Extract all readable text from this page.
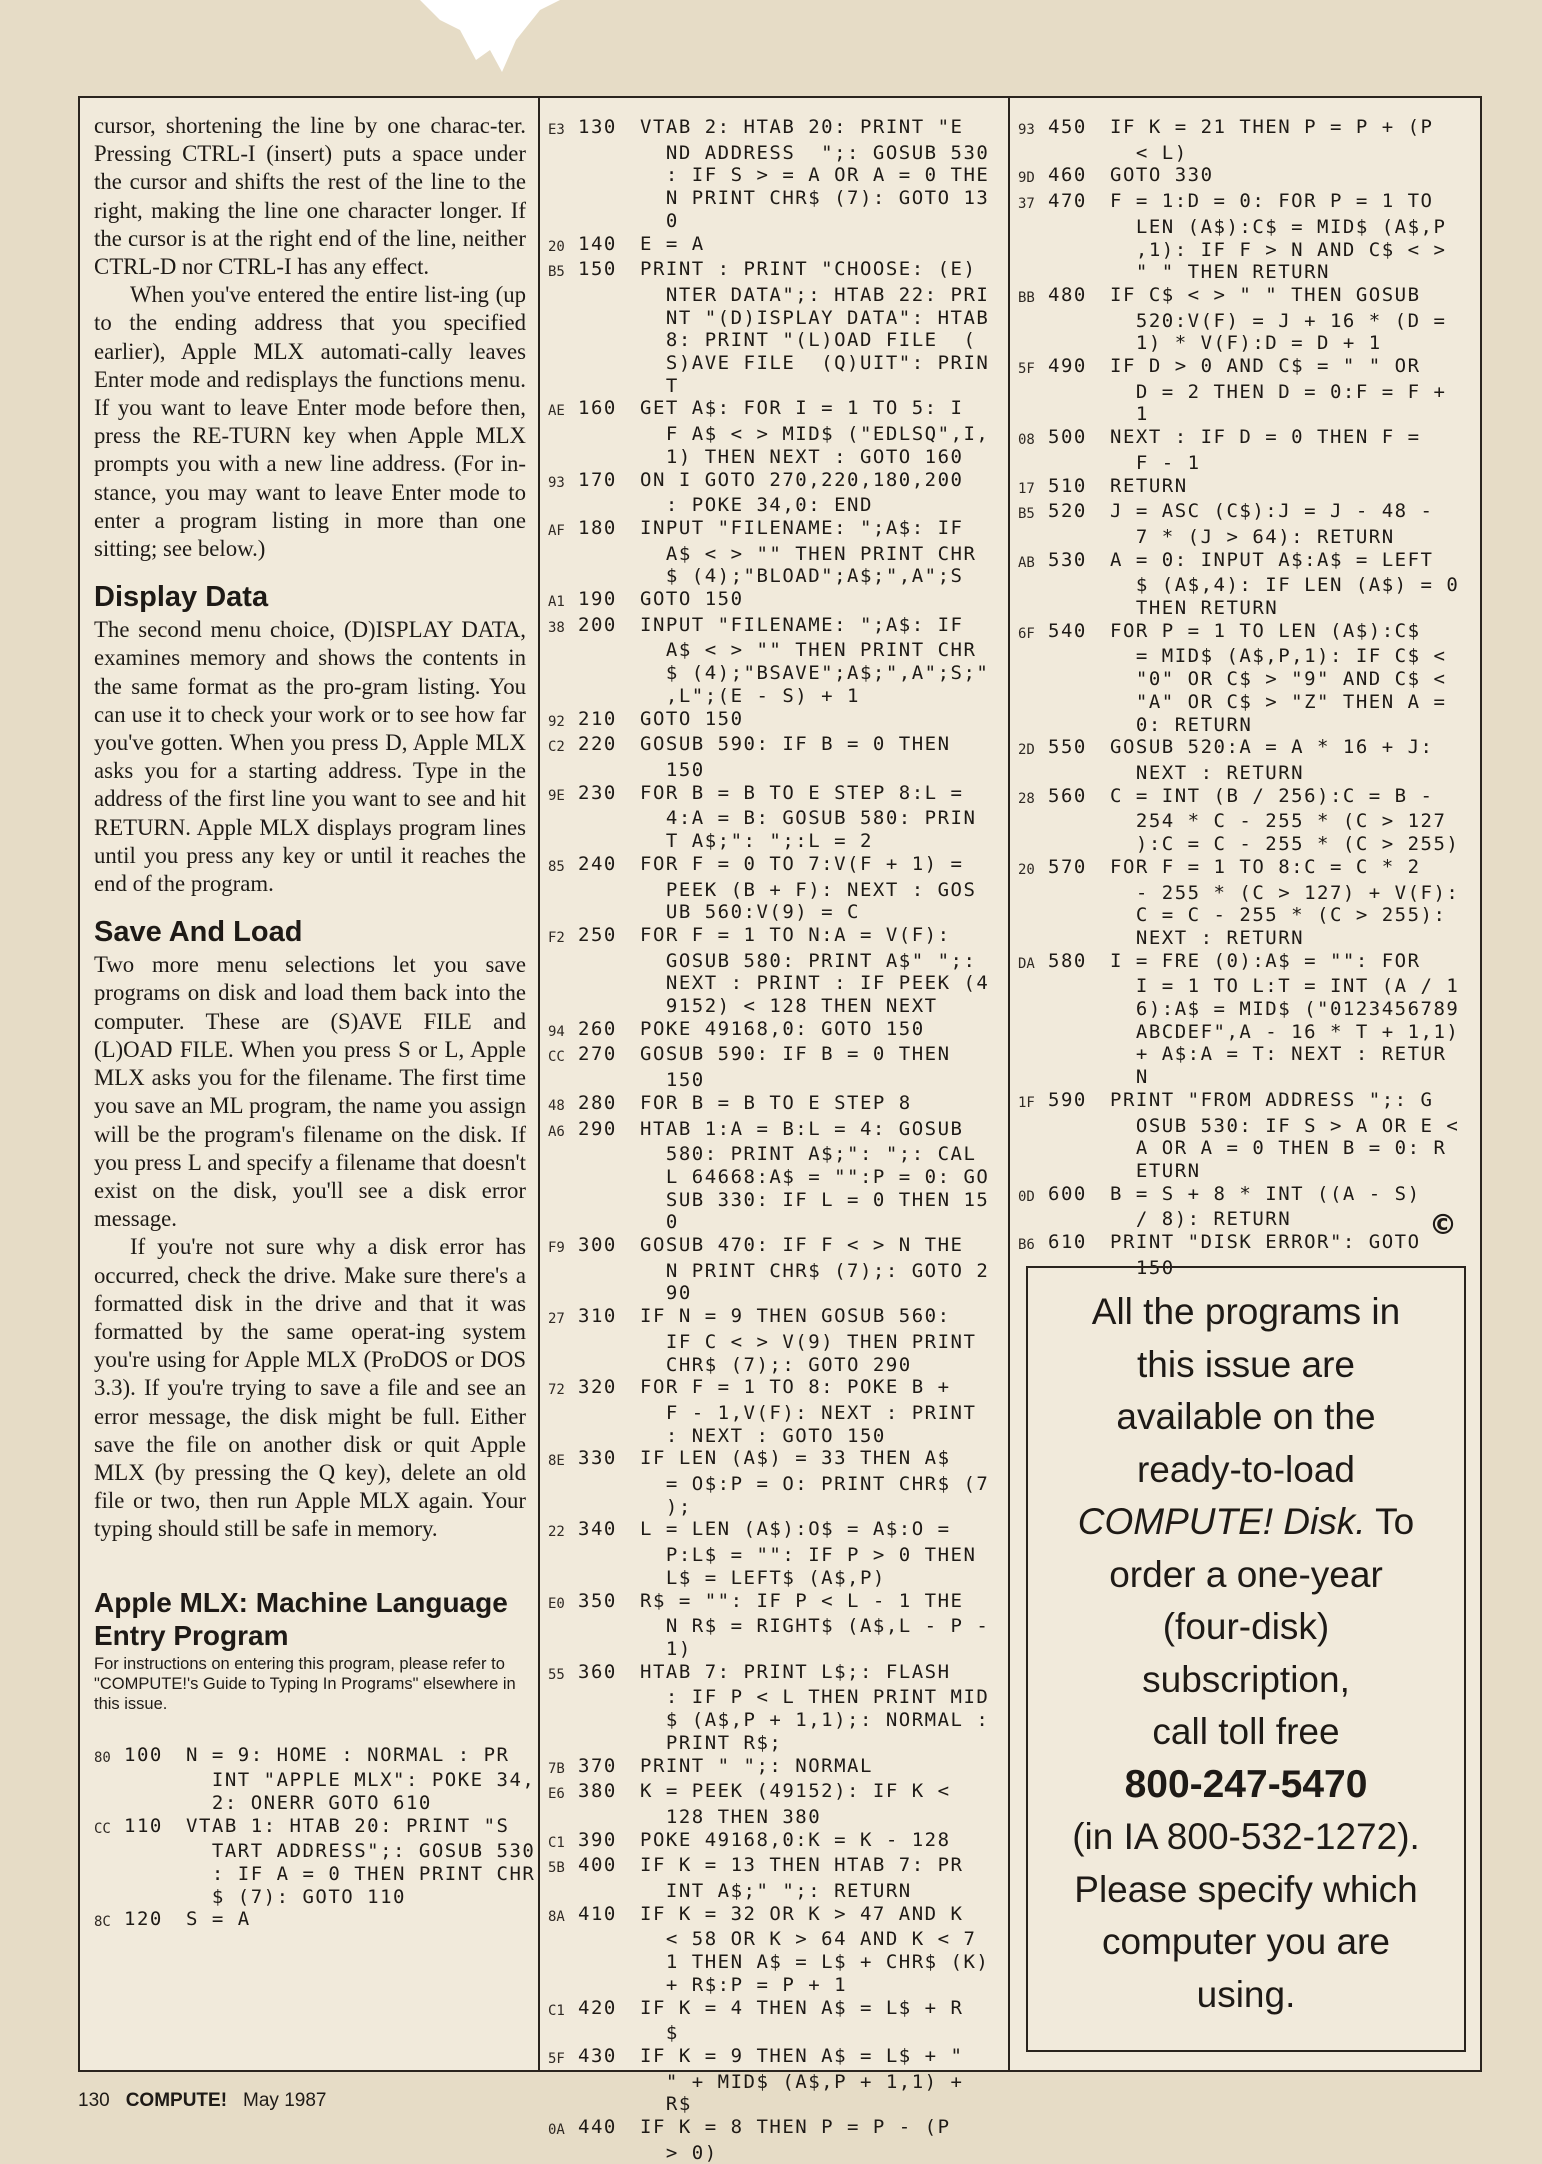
cursor, shortening the line by one charac-ter. Pressing CTRL-I (insert) puts a space under the cursor and shifts the rest of the line to the right, making the line one character longer. If the cursor is at the right end of the line, neither CTRL-D nor CTRL-I has any effect.

When you've entered the entire list-ing (up to the ending address that you specified earlier), Apple MLX automati-cally leaves Enter mode and redisplays the functions menu. If you want to leave Enter mode before then, press the RE-TURN key when Apple MLX prompts you with a new line address. (For in-stance, you may want to leave Enter mode to enter a program listing in more than one sitting; see below.)

Display Data

The second menu choice, (D)ISPLAY DATA, examines memory and shows the contents in the same format as the pro-gram listing. You can use it to check your work or to see how far you've gotten. When you press D, Apple MLX asks you for a starting address. Type in the address of the first line you want to see and hit RETURN. Apple MLX displays program lines until you press any key or until it reaches the end of the program.

Save And Load

Two more menu selections let you save programs on disk and load them back into the computer. These are (S)AVE FILE and (L)OAD FILE. When you press S or L, Apple MLX asks you for the filename. The first time you save an ML program, the name you assign will be the program's filename on the disk. If you press L and specify a filename that doesn't exist on the disk, you'll see a disk error message.

If you're not sure why a disk error has occurred, check the drive. Make sure there's a formatted disk in the drive and that it was formatted by the same operat-ing system you're using for Apple MLX (ProDOS or DOS 3.3). If you're trying to save a file and see an error message, the disk might be full. Either save the file on another disk or quit Apple MLX (by pressing the Q key), delete an old file or two, then run Apple MLX again. Your typing should still be safe in memory.

Apple MLX: Machine Language Entry Program
For instructions on entering this program, please refer to "COMPUTE!'s Guide to Typing In Programs" elsewhere in this issue.
80 100	N = 9: HOME : NORMAL : PR
INT "APPLE MLX": POKE 34,
2: ONERR GOTO 610
CC 110	VTAB 1: HTAB 20: PRINT "S
TART ADDRESS";: GOSUB 530
: IF A = 0 THEN PRINT CHR
$ (7): GOTO 110
8C 120	S = A
E3 130	VTAB 2: HTAB 20: PRINT "E
ND ADDRESS  ";: GOSUB 530
: IF S > = A OR A = 0 THE
N PRINT CHR$ (7): GOTO 13
0
20 140	E = A
B5 150	PRINT : PRINT "CHOOSE: (E)
NTER DATA";: HTAB 22: PRI
NT "(D)ISPLAY DATA": HTAB
8: PRINT "(L)OAD FILE  (
S)AVE FILE  (Q)UIT": PRIN
T
AE 160	GET A$: FOR I = 1 TO 5: I
F A$ < > MID$ ("EDLSQ",I,
1) THEN NEXT : GOTO 160
93 170	ON I GOTO 270,220,180,200
: POKE 34,0: END
AF 180	INPUT "FILENAME: ";A$: IF
A$ < > "" THEN PRINT CHR
$ (4);"BLOAD";A$;",A";S
A1 190	GOTO 150
38 200	INPUT "FILENAME: ";A$: IF
A$ < > "" THEN PRINT CHR
$ (4);"BSAVE";A$;",A";S;"
,L";(E - S) + 1
92 210	GOTO 150
C2 220	GOSUB 590: IF B = 0 THEN
150
9E 230	FOR B = B TO E STEP 8:L =
4:A = B: GOSUB 580: PRIN
T A$;": ";:L = 2
85 240	FOR F = 0 TO 7:V(F + 1) =
PEEK (B + F): NEXT : GOS
UB 560:V(9) = C
F2 250	FOR F = 1 TO N:A = V(F):
GOSUB 580: PRINT A$" ";:
NEXT : PRINT : IF PEEK (4
9152) < 128 THEN NEXT
94 260	POKE 49168,0: GOTO 150
CC 270	GOSUB 590: IF B = 0 THEN
150
48 280	FOR B = B TO E STEP 8
A6 290	HTAB 1:A = B:L = 4: GOSUB
580: PRINT A$;": ";: CAL
L 64668:A$ = "":P = 0: GO
SUB 330: IF L = 0 THEN 15
0
F9 300	GOSUB 470: IF F < > N THE
N PRINT CHR$ (7);: GOTO 2
90
27 310	IF N = 9 THEN GOSUB 560:
IF C < > V(9) THEN PRINT
CHR$ (7);: GOTO 290
72 320	FOR F = 1 TO 8: POKE B +
F - 1,V(F): NEXT : PRINT
: NEXT : GOTO 150
8E 330	IF LEN (A$) = 33 THEN A$
= O$:P = O: PRINT CHR$ (7
);
22 340	L = LEN (A$):O$ = A$:O =
P:L$ = "": IF P > 0 THEN
L$ = LEFT$ (A$,P)
E0 350	R$ = "": IF P < L - 1 THE
N R$ = RIGHT$ (A$,L - P -
1)
55 360	HTAB 7: PRINT L$;: FLASH
: IF P < L THEN PRINT MID
$ (A$,P + 1,1);: NORMAL :
PRINT R$;
7B 370	PRINT " ";: NORMAL
E6 380	K = PEEK (49152): IF K <
128 THEN 380
C1 390	POKE 49168,0:K = K - 128
5B 400	IF K = 13 THEN HTAB 7: PR
INT A$;" ";: RETURN
8A 410	IF K = 32 OR K > 47 AND K
< 58 OR K > 64 AND K < 7
1 THEN A$ = L$ + CHR$ (K)
+ R$:P = P + 1
C1 420	IF K = 4 THEN A$ = L$ + R
$
5F 430	IF K = 9 THEN A$ = L$ + "
" + MID$ (A$,P + 1,1) +
R$
0A 440	IF K = 8 THEN P = P - (P
> 0)
93 450	IF K = 21 THEN P = P + (P
< L)
9D 460	GOTO 330
37 470	F = 1:D = 0: FOR P = 1 TO
LEN (A$):C$ = MID$ (A$,P
,1): IF F > N AND C$ < >
" " THEN RETURN
BB 480	IF C$ < > " " THEN GOSUB
520:V(F) = J + 16 * (D =
1) * V(F):D = D + 1
5F 490	IF D > 0 AND C$ = " " OR
D = 2 THEN D = 0:F = F +
1
08 500	NEXT : IF D = 0 THEN F =
F - 1
17 510	RETURN
B5 520	J = ASC (C$):J = J - 48 -
7 * (J > 64): RETURN
AB 530	A = 0: INPUT A$:A$ = LEFT
$ (A$,4): IF LEN (A$) = 0
THEN RETURN
6F 540	FOR P = 1 TO LEN (A$):C$
= MID$ (A$,P,1): IF C$ <
"0" OR C$ > "9" AND C$ <
"A" OR C$ > "Z" THEN A =
0: RETURN
2D 550	GOSUB 520:A = A * 16 + J:
NEXT : RETURN
28 560	C = INT (B / 256):C = B -
254 * C - 255 * (C > 127
):C = C - 255 * (C > 255)
20 570	FOR F = 1 TO 8:C = C * 2
- 255 * (C > 127) + V(F):
C = C - 255 * (C > 255):
NEXT : RETURN
DA 580	I = FRE (0):A$ = "": FOR
I = 1 TO L:T = INT (A / 1
6):A$ = MID$ ("0123456789
ABCDEF",A - 16 * T + 1,1)
+ A$:A = T: NEXT : RETUR
N
1F 590	PRINT "FROM ADDRESS ";: G
OSUB 530: IF S > A OR E <
A OR A = 0 THEN B = 0: R
ETURN
0D 600	B = S + 8 * INT ((A - S)
/ 8): RETURN
B6 610	PRINT "DISK ERROR": GOTO
150
©
All the programs in
this issue are
available on the
ready-to-load
COMPUTE! Disk. To
order a one-year
(four-disk)
subscription,
call toll free
800-247-5470
(in IA 800-532-1272).
Please specify which
computer you are
using.
130 COMPUTE! May 1987
